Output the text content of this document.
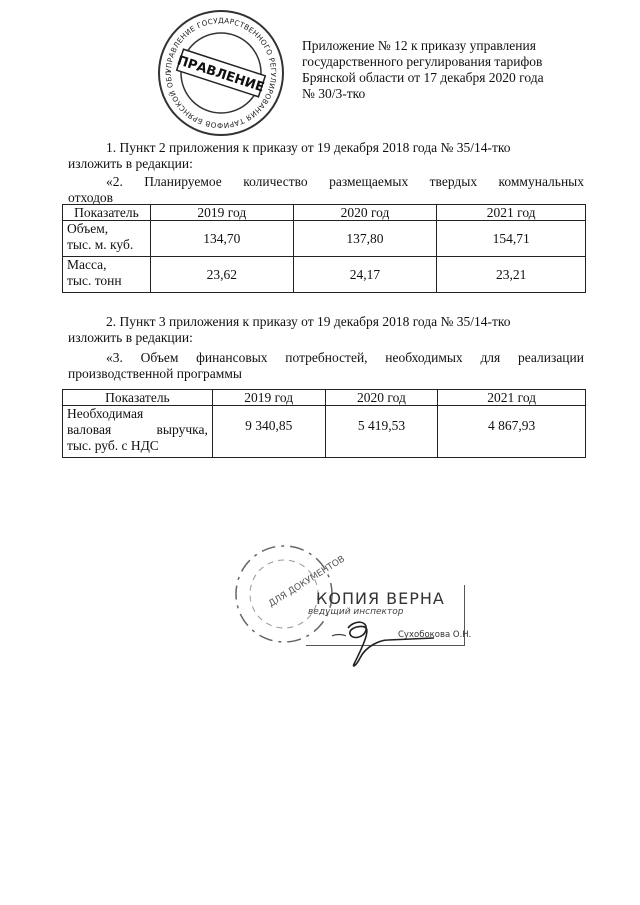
УПРАВЛЕНИЕ ГОСУДАРСТВЕННОГО РЕГУЛИРОВАНИЯ ТАРИФОВ БРЯНСКОЙ ОБЛ ПРАВЛЕНИЕ
Приложение № 12 к приказу управления
государственного регулирования тарифов
Брянской области от 17 декабря 2020 года
№ 30/3-тко
1. Пункт 2 приложения к приказу от 19 декабря 2018 года № 35/14-тко
изложить в редакции:
«2.  Планируемое  количество  размещаемых  твердых  коммунальных
отходов
Показатель	2019 год	2020 год	2021 год

Объем,
тыс. м. куб.	134,70	137,80	154,71

Масса,
тыс. тонн	23,62	24,17	23,21
2. Пункт 3 приложения к приказу от 19 декабря 2018 года № 35/14-тко
изложить в редакции:
«3. Объем финансовых потребностей, необходимых для реализации
производственной программы
Показатель	2019 год	2020 год	2021 год

Необходимая
валовая выручка,
тыс. руб. с НДС	9 340,85	5 419,53	4 867,93
ДЛЯ ДОКУМЕНТОВ
КОПИЯ ВЕРНА
ведущий инспектор
Сухобокова О.Н.
